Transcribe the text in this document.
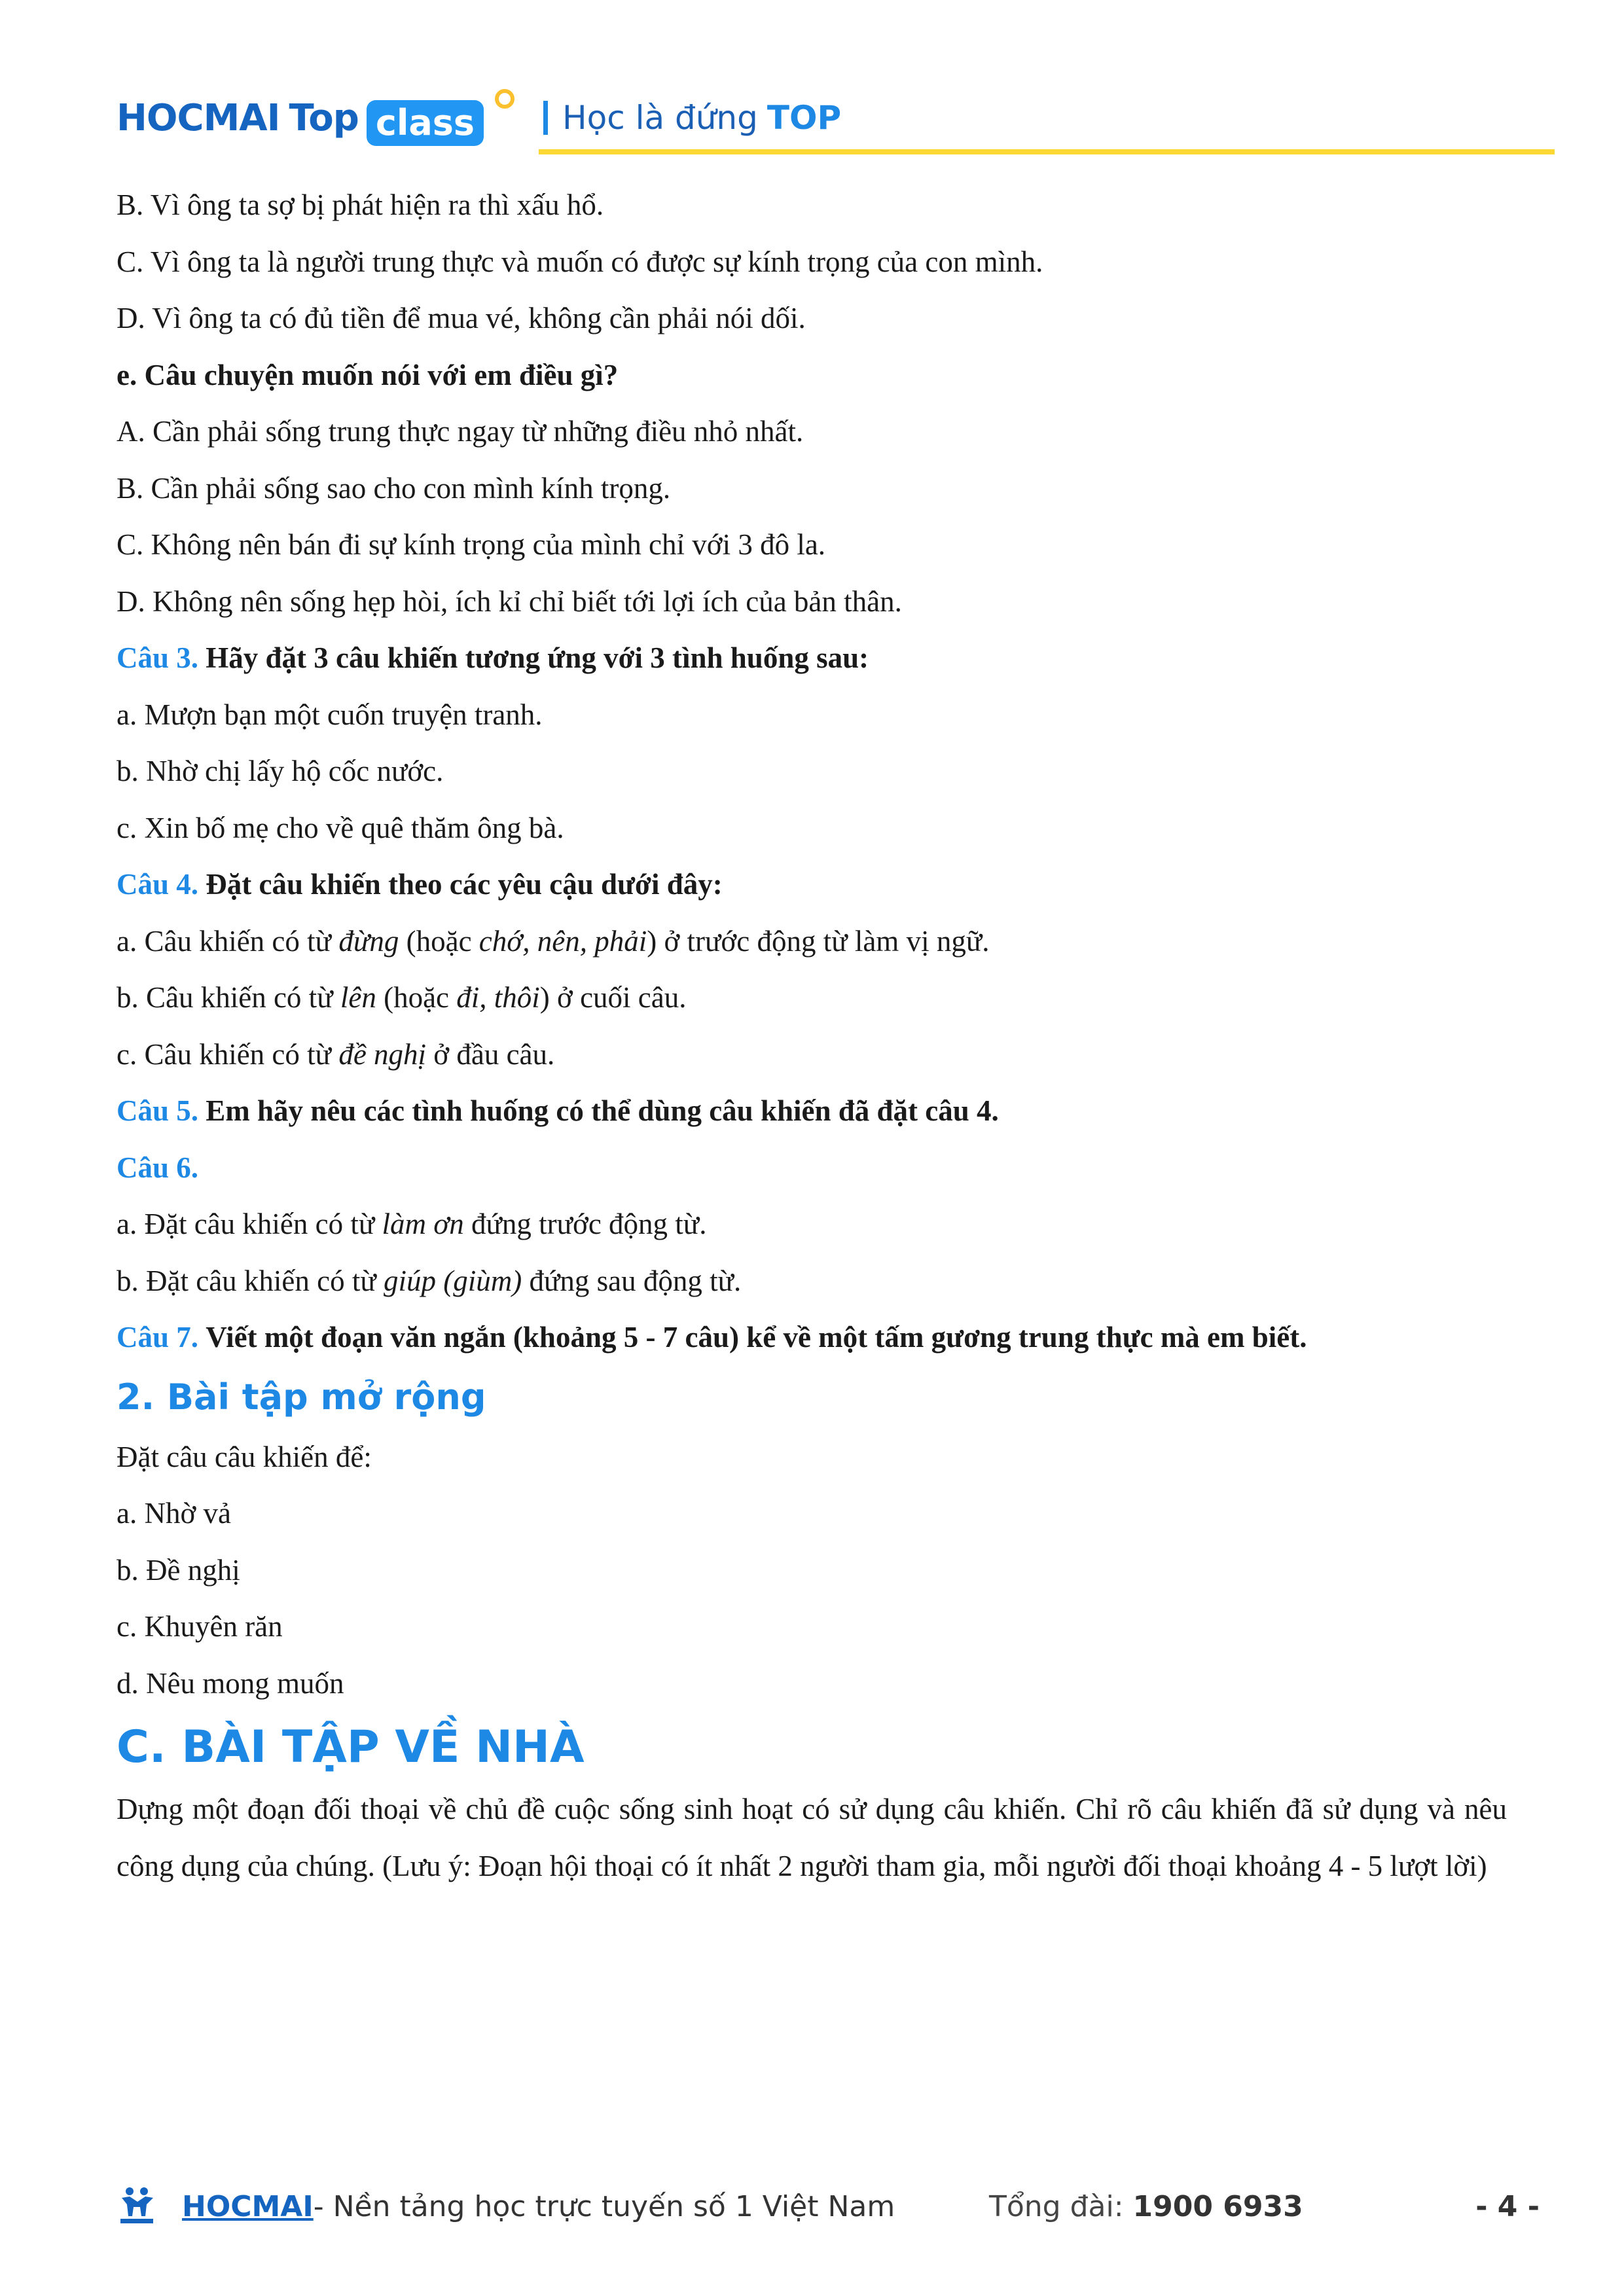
HOCMAI Top class	Học là đứng TOP
B. Vì ông ta sợ bị phát hiện ra thì xấu hổ.
C. Vì ông ta là người trung thực và muốn có được sự kính trọng của con mình.
D. Vì ông ta có đủ tiền để mua vé, không cần phải nói dối.
e. Câu chuyện muốn nói với em điều gì?
A. Cần phải sống trung thực ngay từ những điều nhỏ nhất.
B. Cần phải sống sao cho con mình kính trọng.
C. Không nên bán đi sự kính trọng của mình chỉ với 3 đô la.
D. Không nên sống hẹp hòi, ích kỉ chỉ biết tới lợi ích của bản thân.
Câu 3. Hãy đặt 3 câu khiến tương ứng với 3 tình huống sau:
a. Mượn bạn một cuốn truyện tranh.
b. Nhờ chị lấy hộ cốc nước.
c. Xin bố mẹ cho về quê thăm ông bà.
Câu 4. Đặt câu khiến theo các yêu cậu dưới đây:
a. Câu khiến có từ đừng (hoặc chớ, nên, phải) ở trước động từ làm vị ngữ.
b. Câu khiến có từ lên (hoặc đi, thôi) ở cuối câu.
c. Câu khiến có từ đề nghị ở đầu câu.
Câu 5. Em hãy nêu các tình huống có thể dùng câu khiến đã đặt câu 4.
Câu 6.
a. Đặt câu khiến có từ làm ơn đứng trước động từ.
b. Đặt câu khiến có từ giúp (giùm) đứng sau động từ.
Câu 7. Viết một đoạn văn ngắn (khoảng 5 - 7 câu) kể về một tấm gương trung thực mà em biết.
2. Bài tập mở rộng
Đặt câu câu khiến để:
a. Nhờ vả
b. Đề nghị
c. Khuyên răn
d. Nêu mong muốn
C. BÀI TẬP VỀ NHÀ
Dựng một đoạn đối thoại về chủ đề cuộc sống sinh hoạt có sử dụng câu khiến. Chỉ rõ câu khiến đã sử dụng và nêu công dụng của chúng. (Lưu ý: Đoạn hội thoại có ít nhất 2 người tham gia, mỗi người đối thoại khoảng 4 - 5 lượt lời)
HOCMAI - Nền tảng học trực tuyến số 1 Việt Nam	Tổng đài: 1900 6933	- 4 -
